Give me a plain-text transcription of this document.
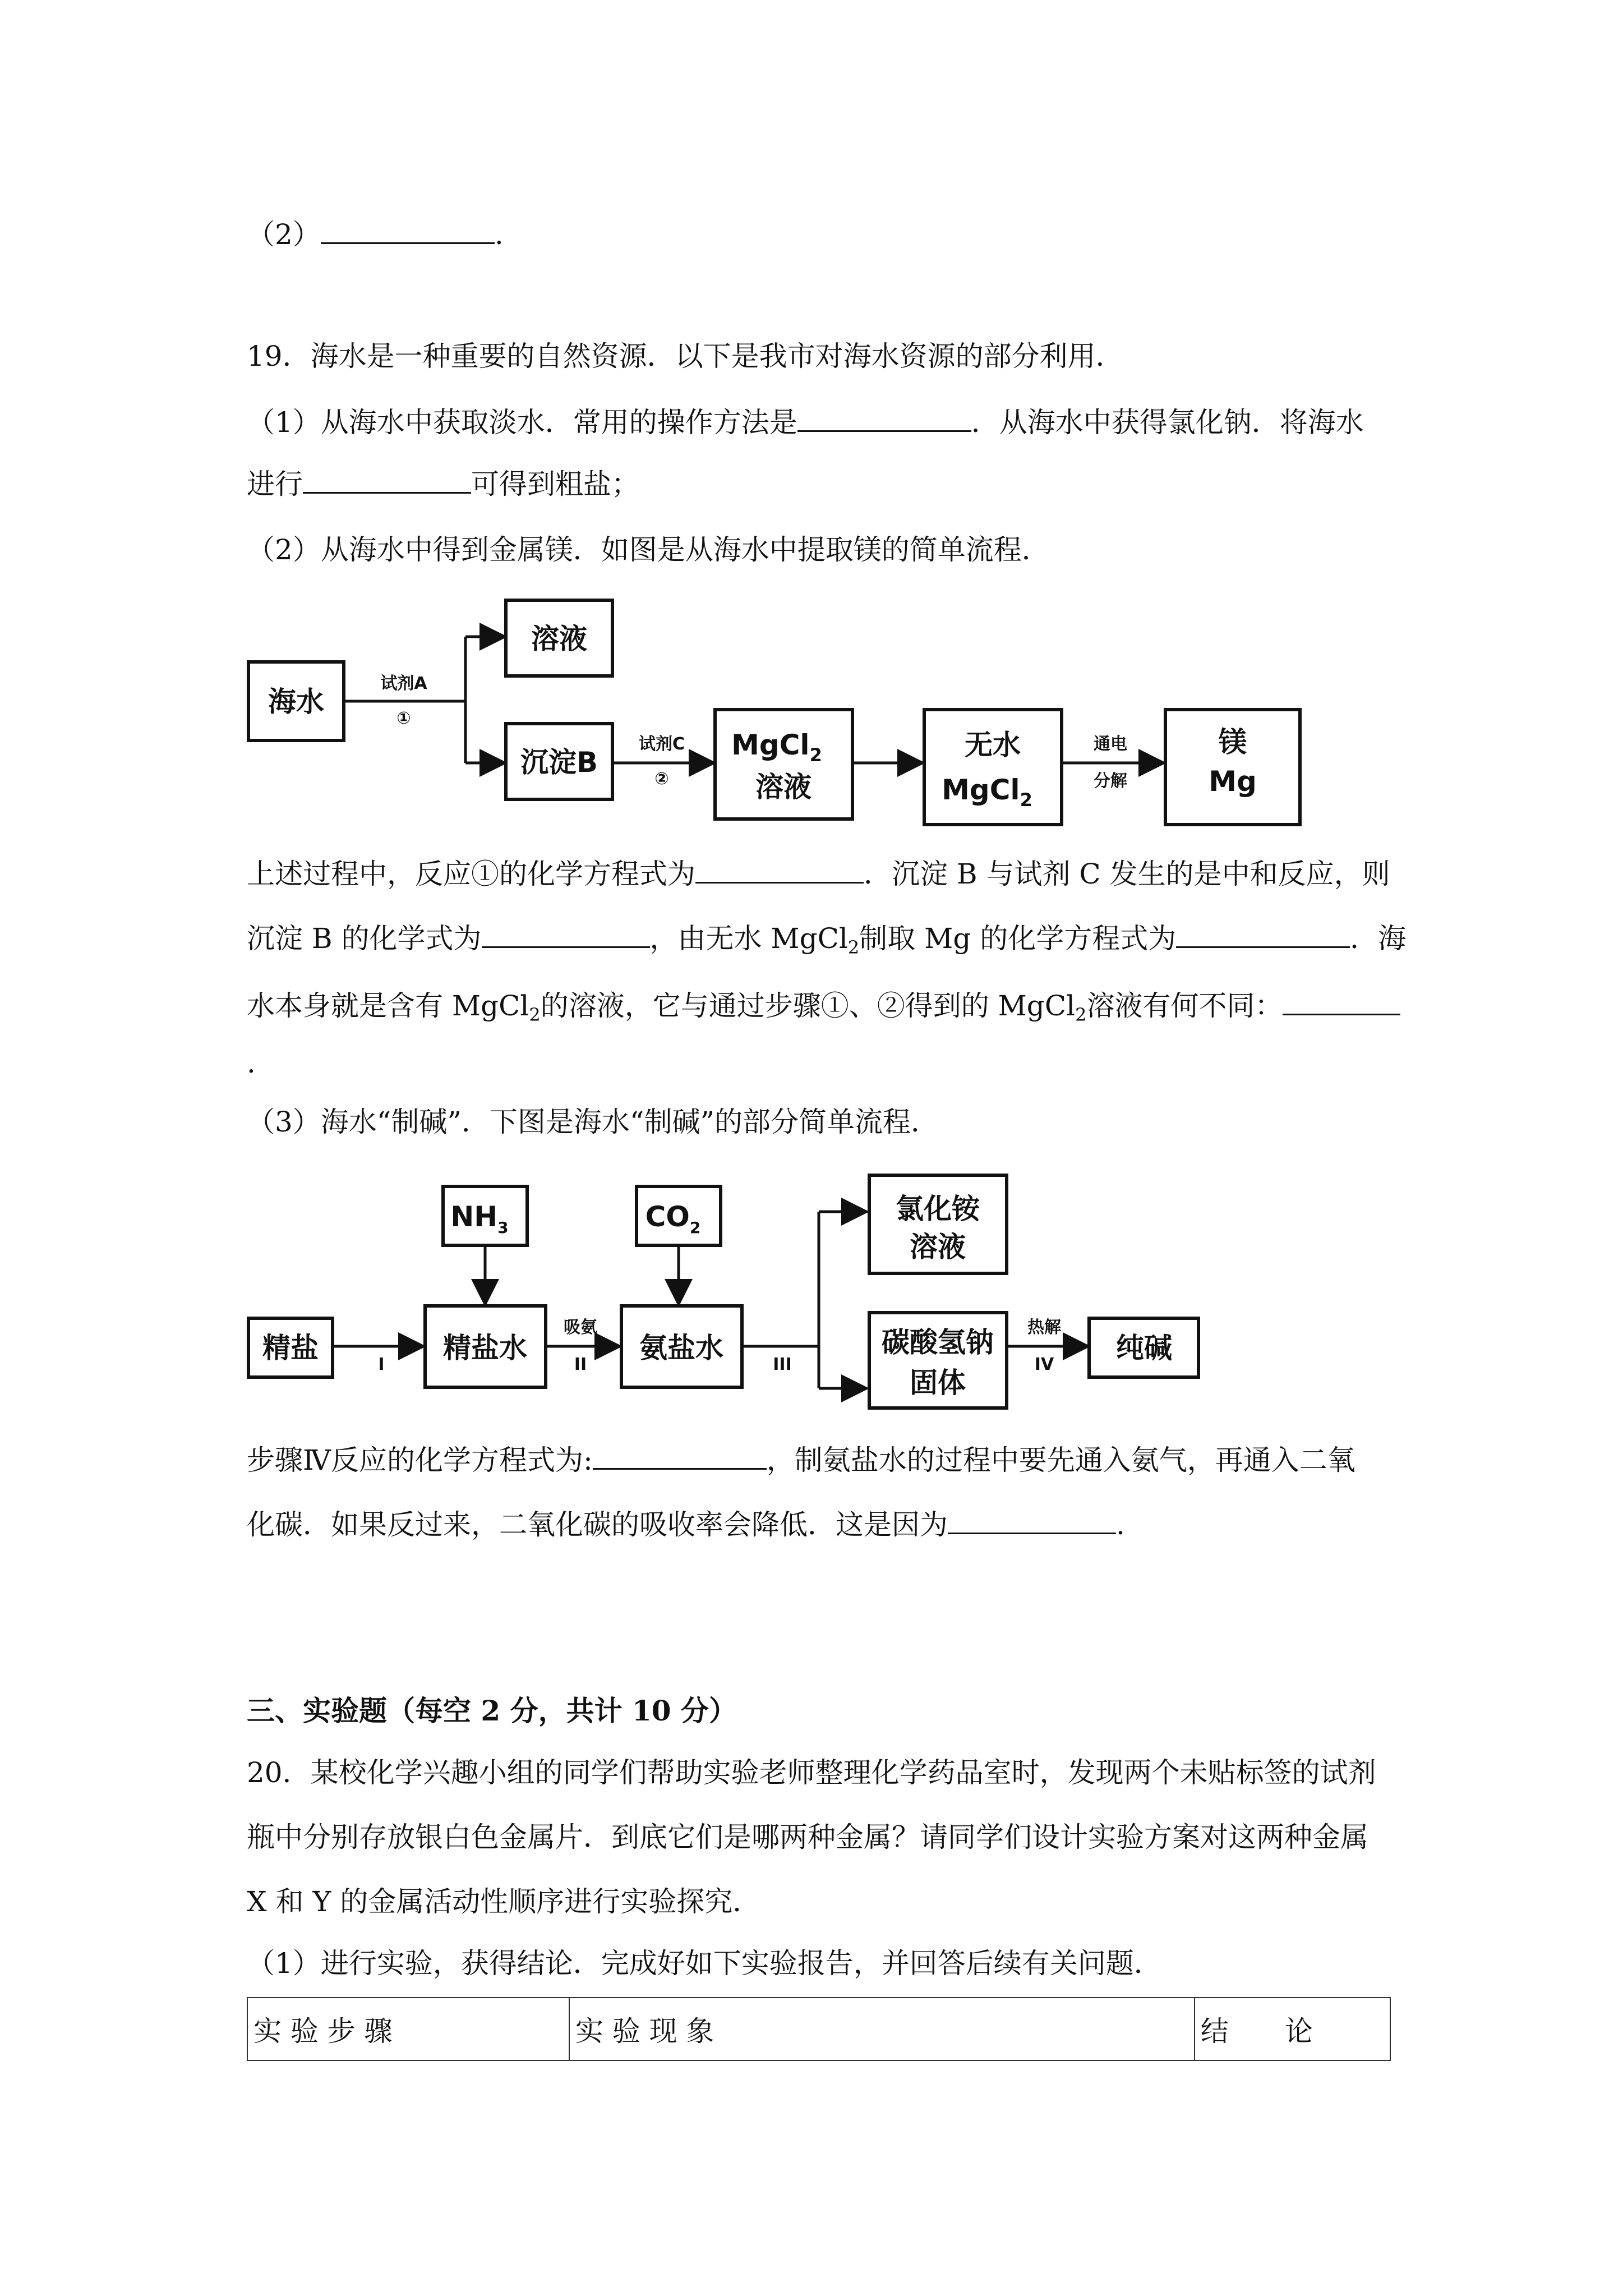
（2）	.
19．海水是一种重要的自然资源．以下是我市对海水资源的部分利用．
（1）从海水中获取淡水．常用的操作方法是	．从海水中获得氯化钠．将海水
进行	可得到粗盐；
（2）从海水中得到金属镁．如图是从海水中提取镁的简单流程．
海水
试剂A
①
溶液
沉淀B
试剂C
②
MgCl$_2$
溶液
无水
MgCl$_2$
通电
分解
镁
Mg
上述过程中，反应①的化学方程式为	．沉淀 B 与试剂 C 发生的是中和反应，则
沉淀 B 的化学式为	，由无水 MgCl$_2$制取 Mg 的化学方程式为	．海
水本身就是含有 MgCl$_2$的溶液，它与通过步骤①、②得到的 MgCl$_2$溶液有何不同：
.
（3）海水“制碱”．下图是海水“制碱”的部分简单流程．
$NH_3$	$CO_2$
精盐
I
精盐水
吸氨
II
氨盐水
III
氯化铵
溶液
碳酸氢钠
固体
热解
IV
纯碱
步骤Ⅳ反应的化学方程式为:	，制氨盐水的过程中要先通入氨气，再通入二氧
化碳．如果反过来，二氧化碳的吸收率会降低．这是因为	.
三、实验题（每空 2 分，共计 10 分）
20．某校化学兴趣小组的同学们帮助实验老师整理化学药品室时，发现两个未贴标签的试剂
瓶中分别存放银白色金属片．到底它们是哪两种金属？请同学们设计实验方案对这两种金属
X 和 Y 的金属活动性顺序进行实验探究．
（1）进行实验，获得结论．完成好如下实验报告，并回答后续有关问题．
实 验 步 骤	实 验 现 象	结　　论
